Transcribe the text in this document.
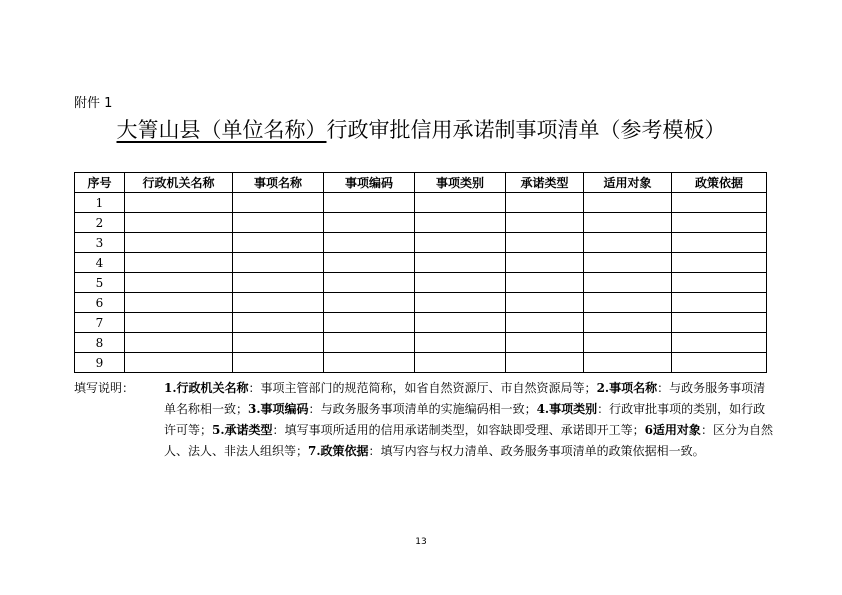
附件 1
大箐山县（单位名称）行政审批信用承诺制事项清单（参考模板）
序号	行政机关名称	事项名称	事项编码	事项类别	承诺类型	适用对象	政策依据
1							
2							
3							
4							
5							
6							
7							
8							
9							
填写说明：	1.行政机关名称：事项主管部门的规范简称，如省自然资源厅、市自然资源局等；2.事项名称：与政务服务事项清单名称相一致；3.事项编码：与政务服务事项清单的实施编码相一致；4.事项类别：行政审批事项的类别，如行政许可等；5.承诺类型：填写事项所适用的信用承诺制类型，如容缺即受理、承诺即开工等；6适用对象：区分为自然人、法人、非法人组织等；7.政策依据：填写内容与权力清单、政务服务事项清单的政策依据相一致。
13
